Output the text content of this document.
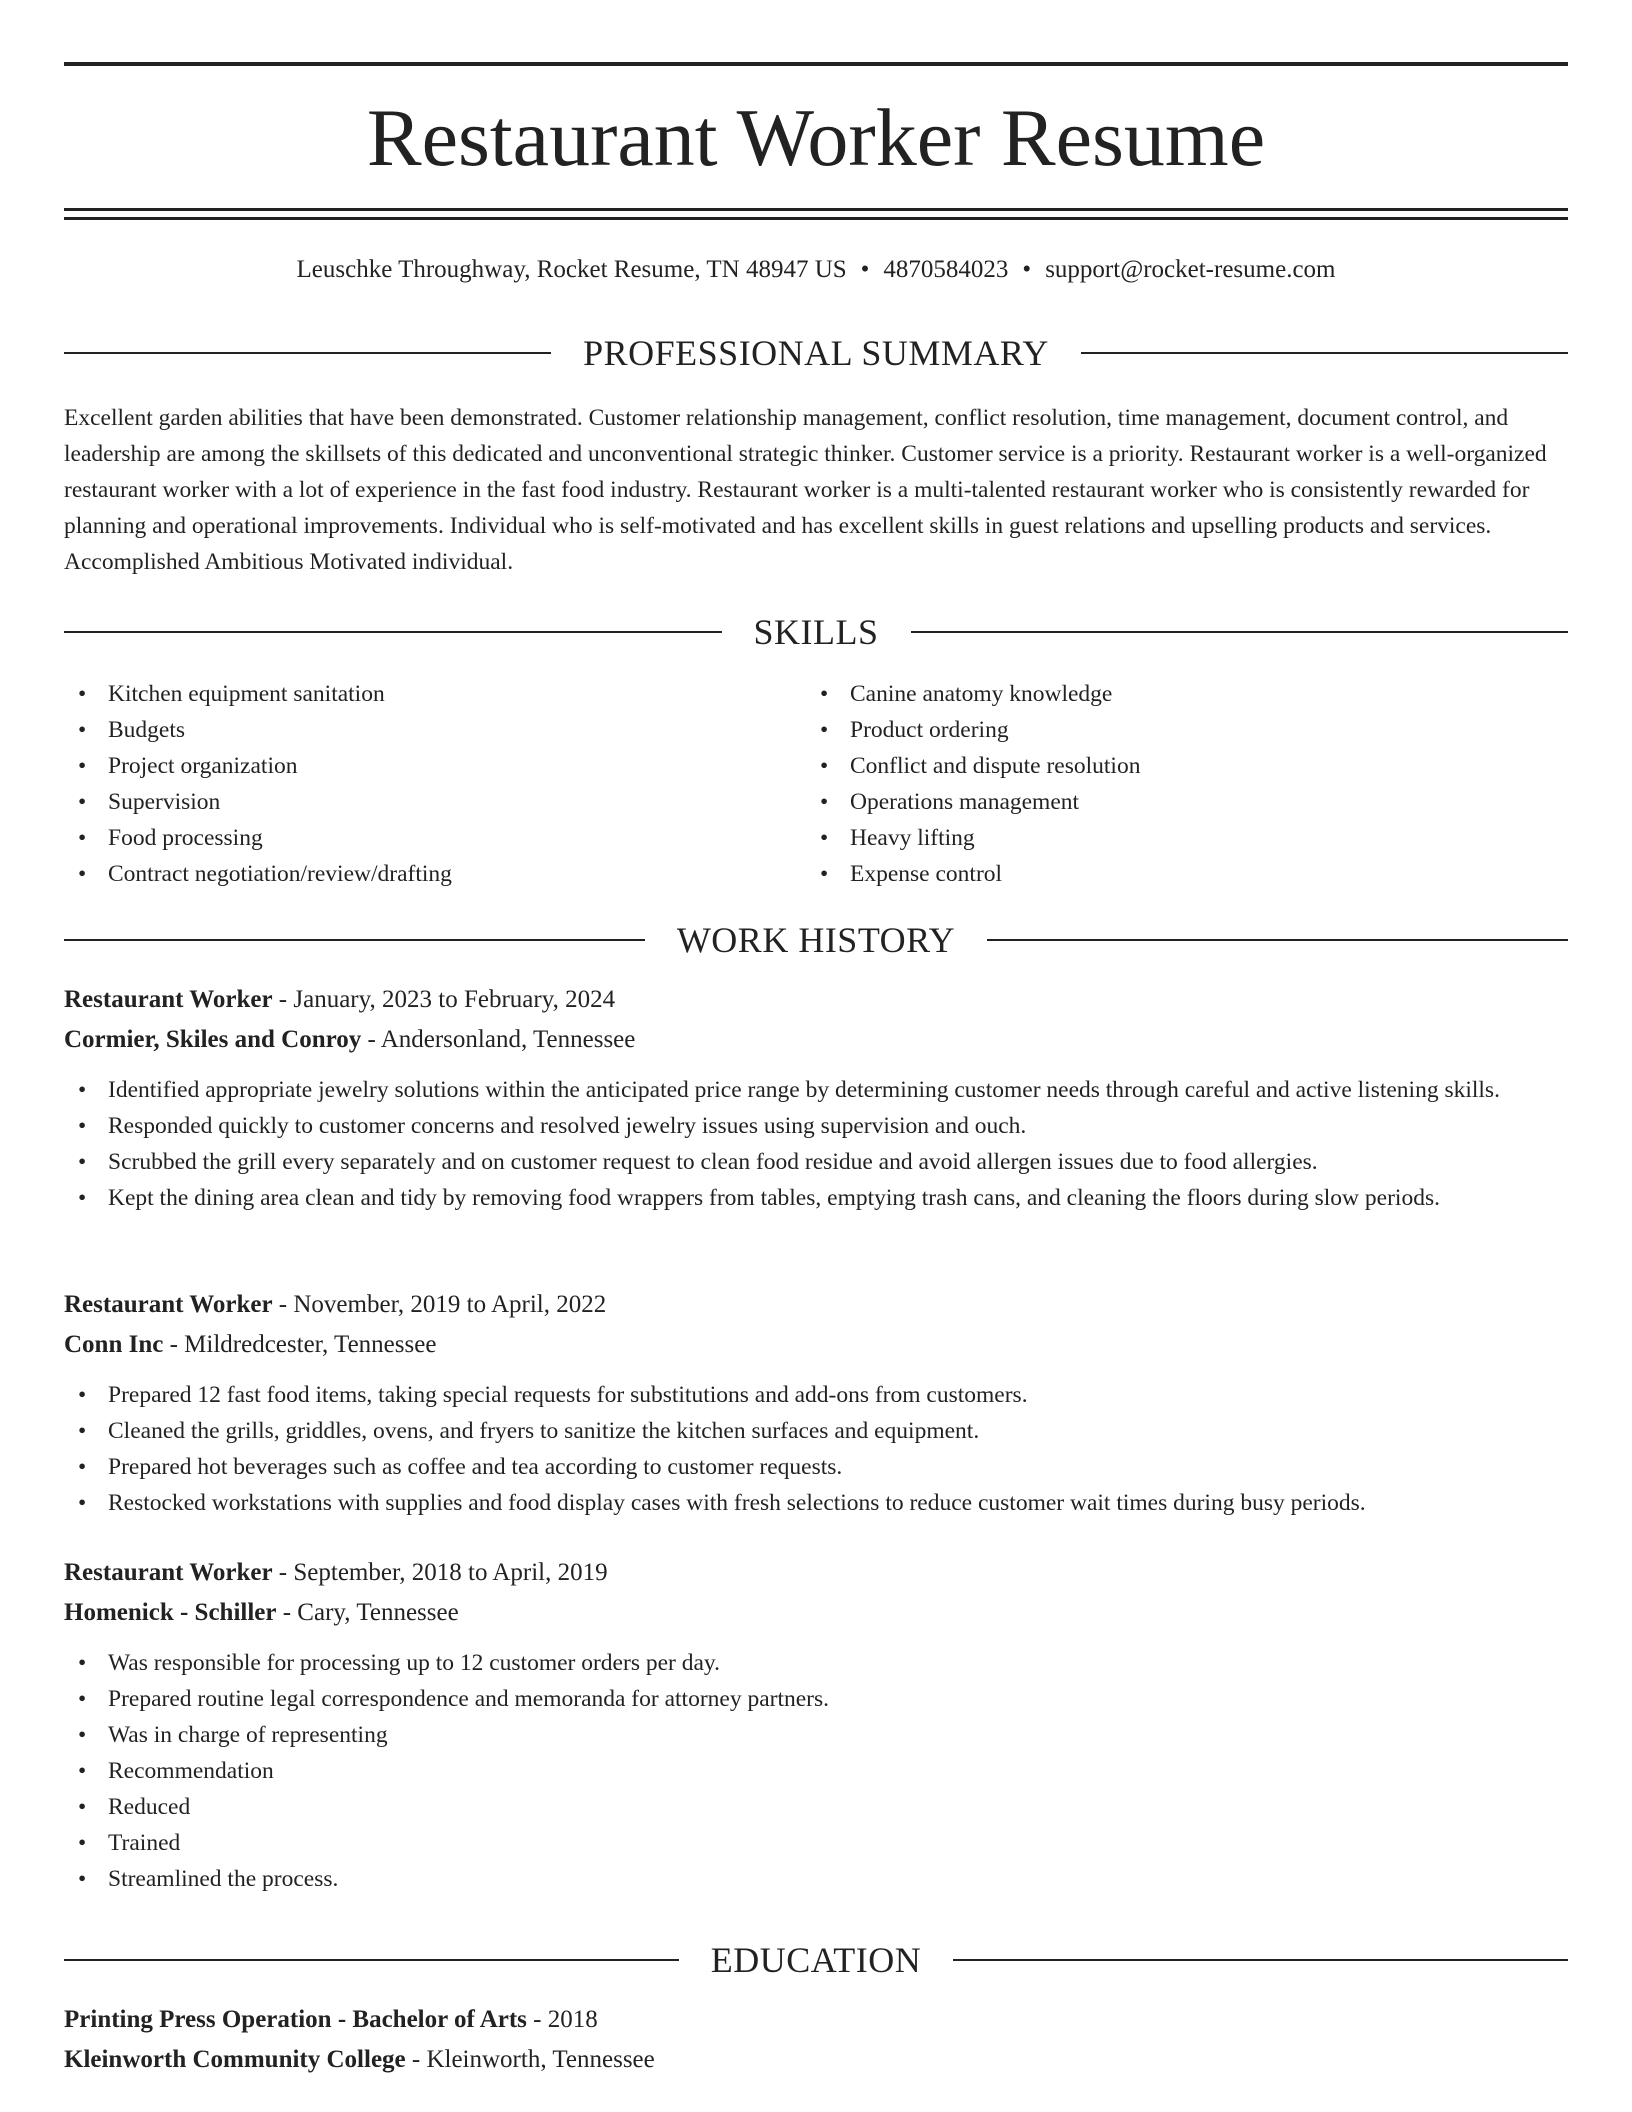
Restaurant Worker Resume
Leuschke Throughway, Rocket Resume, TN 48947 US • 4870584023 • support@rocket-resume.com
PROFESSIONAL SUMMARY

Excellent garden abilities that have been demonstrated. Customer relationship management, conflict resolution, time management, document control, and leadership are among the skillsets of this dedicated and unconventional strategic thinker. Customer service is a priority. Restaurant worker is a well-organized restaurant worker with a lot of experience in the fast food industry. Restaurant worker is a multi-talented restaurant worker who is consistently rewarded for planning and operational improvements. Individual who is self-motivated and has excellent skills in guest relations and upselling products and services. Accomplished Ambitious Motivated individual.

SKILLS
• Kitchen equipment sanitation
• Budgets
• Project organization
• Supervision
• Food processing
• Contract negotiation/review/drafting
• Canine anatomy knowledge
• Product ordering
• Conflict and dispute resolution
• Operations management
• Heavy lifting
• Expense control
WORK HISTORY
Restaurant Worker - January, 2023 to February, 2024
Cormier, Skiles and Conroy - Andersonland, Tennessee
• Identified appropriate jewelry solutions within the anticipated price range by determining customer needs through careful and active listening skills.
• Responded quickly to customer concerns and resolved jewelry issues using supervision and ouch.
• Scrubbed the grill every separately and on customer request to clean food residue and avoid allergen issues due to food allergies.
• Kept the dining area clean and tidy by removing food wrappers from tables, emptying trash cans, and cleaning the floors during slow periods.
Restaurant Worker - November, 2019 to April, 2022
Conn Inc - Mildredcester, Tennessee
• Prepared 12 fast food items, taking special requests for substitutions and add-ons from customers.
• Cleaned the grills, griddles, ovens, and fryers to sanitize the kitchen surfaces and equipment.
• Prepared hot beverages such as coffee and tea according to customer requests.
• Restocked workstations with supplies and food display cases with fresh selections to reduce customer wait times during busy periods.
Restaurant Worker - September, 2018 to April, 2019
Homenick - Schiller - Cary, Tennessee
• Was responsible for processing up to 12 customer orders per day.
• Prepared routine legal correspondence and memoranda for attorney partners.
• Was in charge of representing
• Recommendation
• Reduced
• Trained
• Streamlined the process.
EDUCATION
Printing Press Operation - Bachelor of Arts - 2018
Kleinworth Community College - Kleinworth, Tennessee
